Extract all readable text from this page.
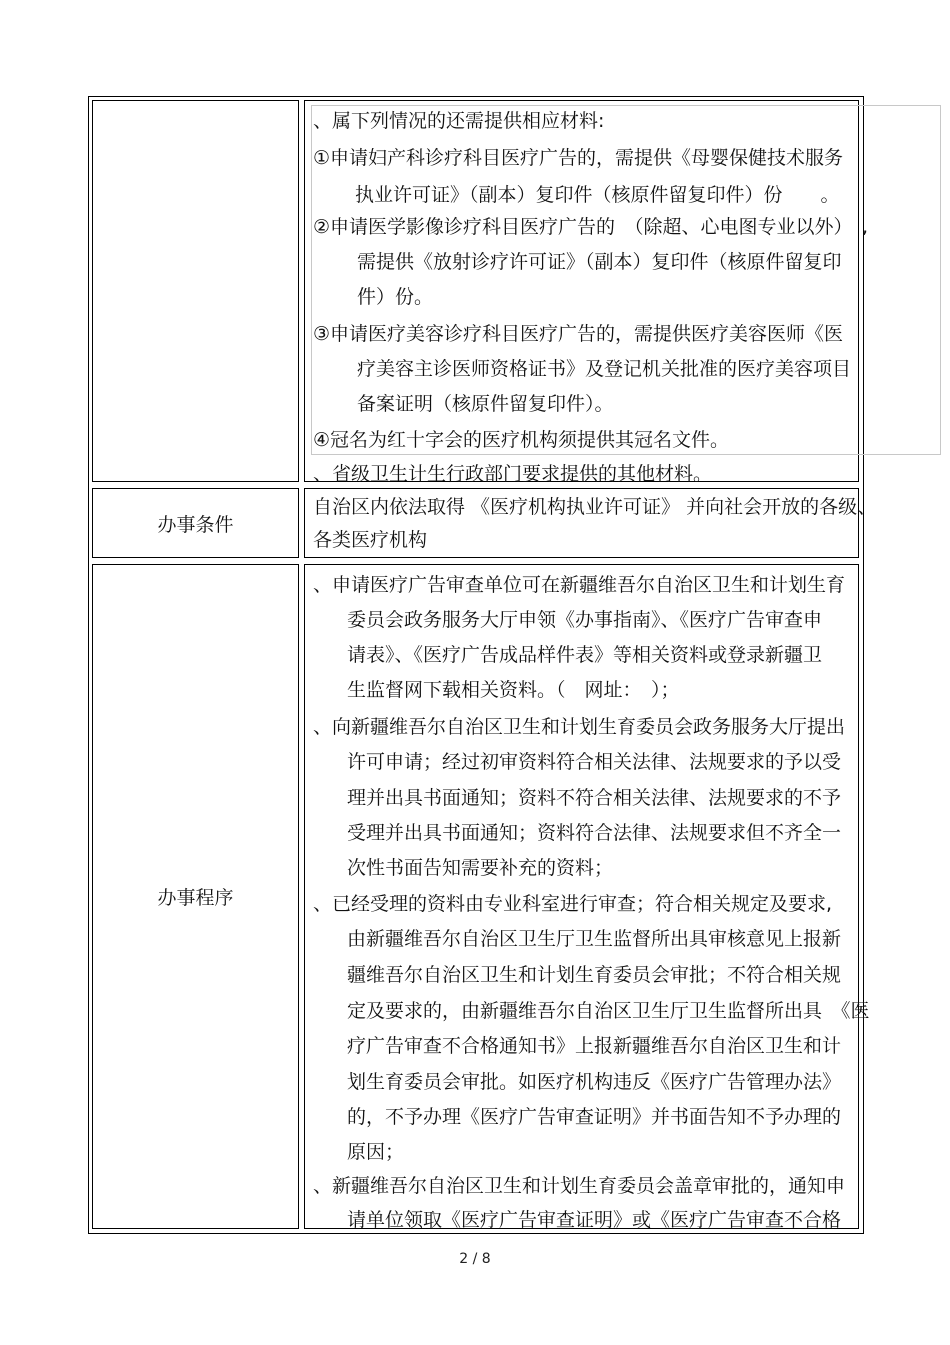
、属下列情况的还需提供相应材料:
①申请妇产科诊疗科目医疗广告的，需提供《母婴保健技术服务
执业许可证》（副本）复印件（核原件留复印件）份　　。
②申请医学影像诊疗科目医疗广告的　（除超、心电图专业以外）　,
需提供《放射诊疗许可证》（副本）复印件（核原件留复印
件）份。
③申请医疗美容诊疗科目医疗广告的，需提供医疗美容医师《医
疗美容主诊医师资格证书》及登记机关批准的医疗美容项目
备案证明（核原件留复印件）。
④冠名为红十字会的医疗机构须提供其冠名文件。
、省级卫生计生行政部门要求提供的其他材料。
办事条件
自治区内依法取得 《医疗机构执业许可证》 并向社会开放的各级、
各类医疗机构
办事程序
、申请医疗广告审查单位可在新疆维吾尔自治区卫生和计划生育
委员会政务服务大厅申领《办事指南》、《医疗广告审查申
请表》、《医疗广告成品样件表》等相关资料或登录新疆卫
生监督网下载相关资料。（　网址：　）；
、向新疆维吾尔自治区卫生和计划生育委员会政务服务大厅提出
许可申请；经过初审资料符合相关法律、法规要求的予以受
理并出具书面通知；资料不符合相关法律、法规要求的不予
受理并出具书面通知；资料符合法律、法规要求但不齐全一
次性书面告知需要补充的资料；
、已经受理的资料由专业科室进行审查；符合相关规定及要求,
由新疆维吾尔自治区卫生厅卫生监督所出具审核意见上报新
疆维吾尔自治区卫生和计划生育委员会审批；不符合相关规
定及要求的，由新疆维吾尔自治区卫生厅卫生监督所出具　《医
疗广告审查不合格通知书》上报新疆维吾尔自治区卫生和计
划生育委员会审批。如医疗机构违反《医疗广告管理办法》
的，不予办理《医疗广告审查证明》并书面告知不予办理的
原因；
、新疆维吾尔自治区卫生和计划生育委员会盖章审批的，通知申
请单位领取《医疗广告审查证明》或《医疗广告审查不合格
2 / 8
